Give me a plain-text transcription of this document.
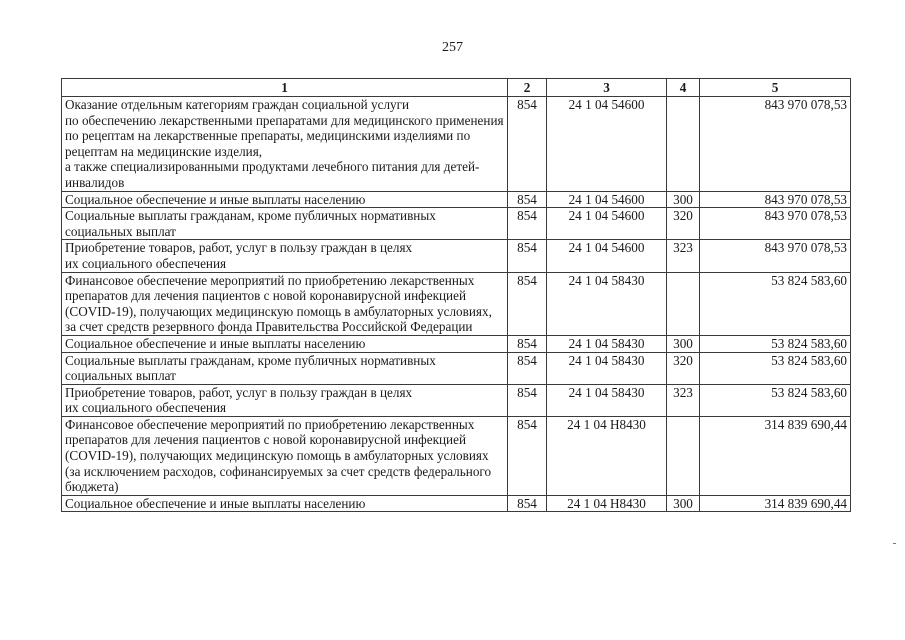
257
1	2	3	4	5
Оказание отдельным категориям граждан социальной услуги
по обеспечению лекарственными препаратами для медицинского применения по рецептам на лекарственные препараты, медицинскими изделиями по рецептам на медицинские изделия,
а также специализированными продуктами лечебного питания для детей-инвалидов	854	24 1 04 54600		843 970 078,53
Социальное обеспечение и иные выплаты населению	854	24 1 04 54600	300	843 970 078,53
Социальные выплаты гражданам, кроме публичных нормативных социальных выплат	854	24 1 04 54600	320	843 970 078,53
Приобретение товаров, работ, услуг в пользу граждан в целях
их социального обеспечения	854	24 1 04 54600	323	843 970 078,53
Финансовое обеспечение мероприятий по приобретению лекарственных препаратов для лечения пациентов с новой коронавирусной инфекцией (COVID-19), получающих медицинскую помощь в амбулаторных условиях, за счет средств резервного фонда Правительства Российской Федерации	854	24 1 04 58430		53 824 583,60
Социальное обеспечение и иные выплаты населению	854	24 1 04 58430	300	53 824 583,60
Социальные выплаты гражданам, кроме публичных нормативных социальных выплат	854	24 1 04 58430	320	53 824 583,60
Приобретение товаров, работ, услуг в пользу граждан в целях
их социального обеспечения	854	24 1 04 58430	323	53 824 583,60
Финансовое обеспечение мероприятий по приобретению лекарственных препаратов для лечения пациентов с новой коронавирусной инфекцией (COVID-19), получающих медицинскую помощь в амбулаторных условиях (за исключением расходов, софинансируемых за счет средств федерального бюджета)	854	24 1 04 Н8430		314 839 690,44
Социальное обеспечение и иные выплаты населению	854	24 1 04 Н8430	300	314 839 690,44
